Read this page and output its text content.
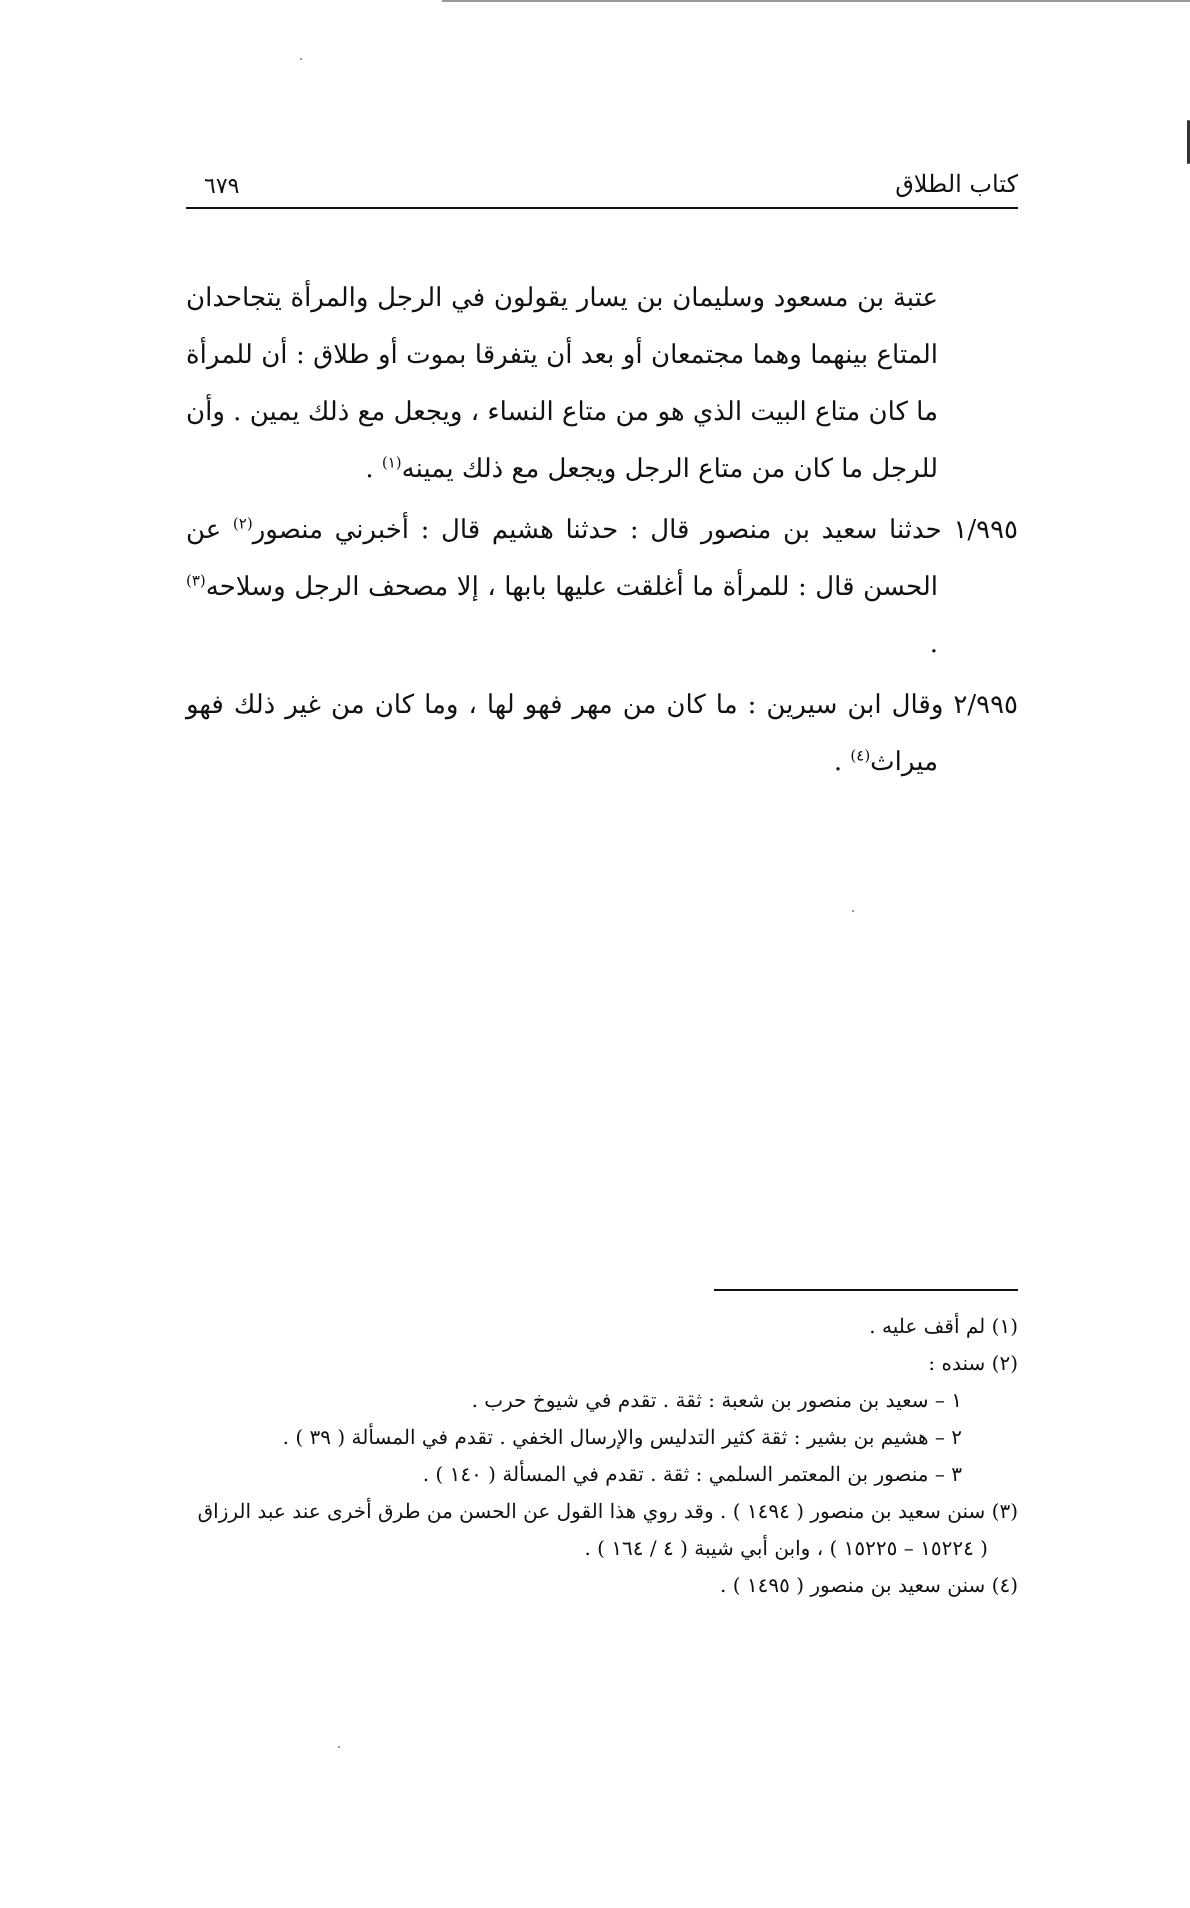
كتاب الطلاق
٦٧٩

عتبة بن مسعود وسليمان بن يسار يقولون في الرجل والمرأة يتجاحدان المتاع بينهما وهما مجتمعان أو بعد أن يتفرقا بموت أو طلاق : أن للمرأة ما كان متاع البيت الذي هو من متاع النساء ، ويجعل مع ذلك يمين . وأن للرجل ما كان من متاع الرجل ويجعل مع ذلك يمينه$^{(١)}$ .

١/٩٩٥ حدثنا سعيد بن منصور قال : حدثنا هشيم قال : أخبرني منصور$^{(٢)}$ عن الحسن قال : للمرأة ما أغلقت عليها بابها ، إلا مصحف الرجل وسلاحه$^{(٣)}$ .

٢/٩٩٥ وقال ابن سيرين : ما كان من مهر فهو لها ، وما كان من غير ذلك فهو ميراث$^{(٤)}$ .

(١) لم أقف عليه .

(٢) سنده :

١ – سعيد بن منصور بن شعبة : ثقة . تقدم في شيوخ حرب .

٢ – هشيم بن بشير : ثقة كثير التدليس والإرسال الخفي . تقدم في المسألة ( ٣٩ ) .

٣ – منصور بن المعتمر السلمي : ثقة . تقدم في المسألة ( ١٤٠ ) .

(٣) سنن سعيد بن منصور ( ١٤٩٤ ) . وقد روي هذا القول عن الحسن من طرق أخرى عند عبد الرزاق

( ١٥٢٢٤ – ١٥٢٢٥ ) ، وابن أبي شيبة ( ٤ / ١٦٤ ) .

(٤) سنن سعيد بن منصور ( ١٤٩٥ ) .
